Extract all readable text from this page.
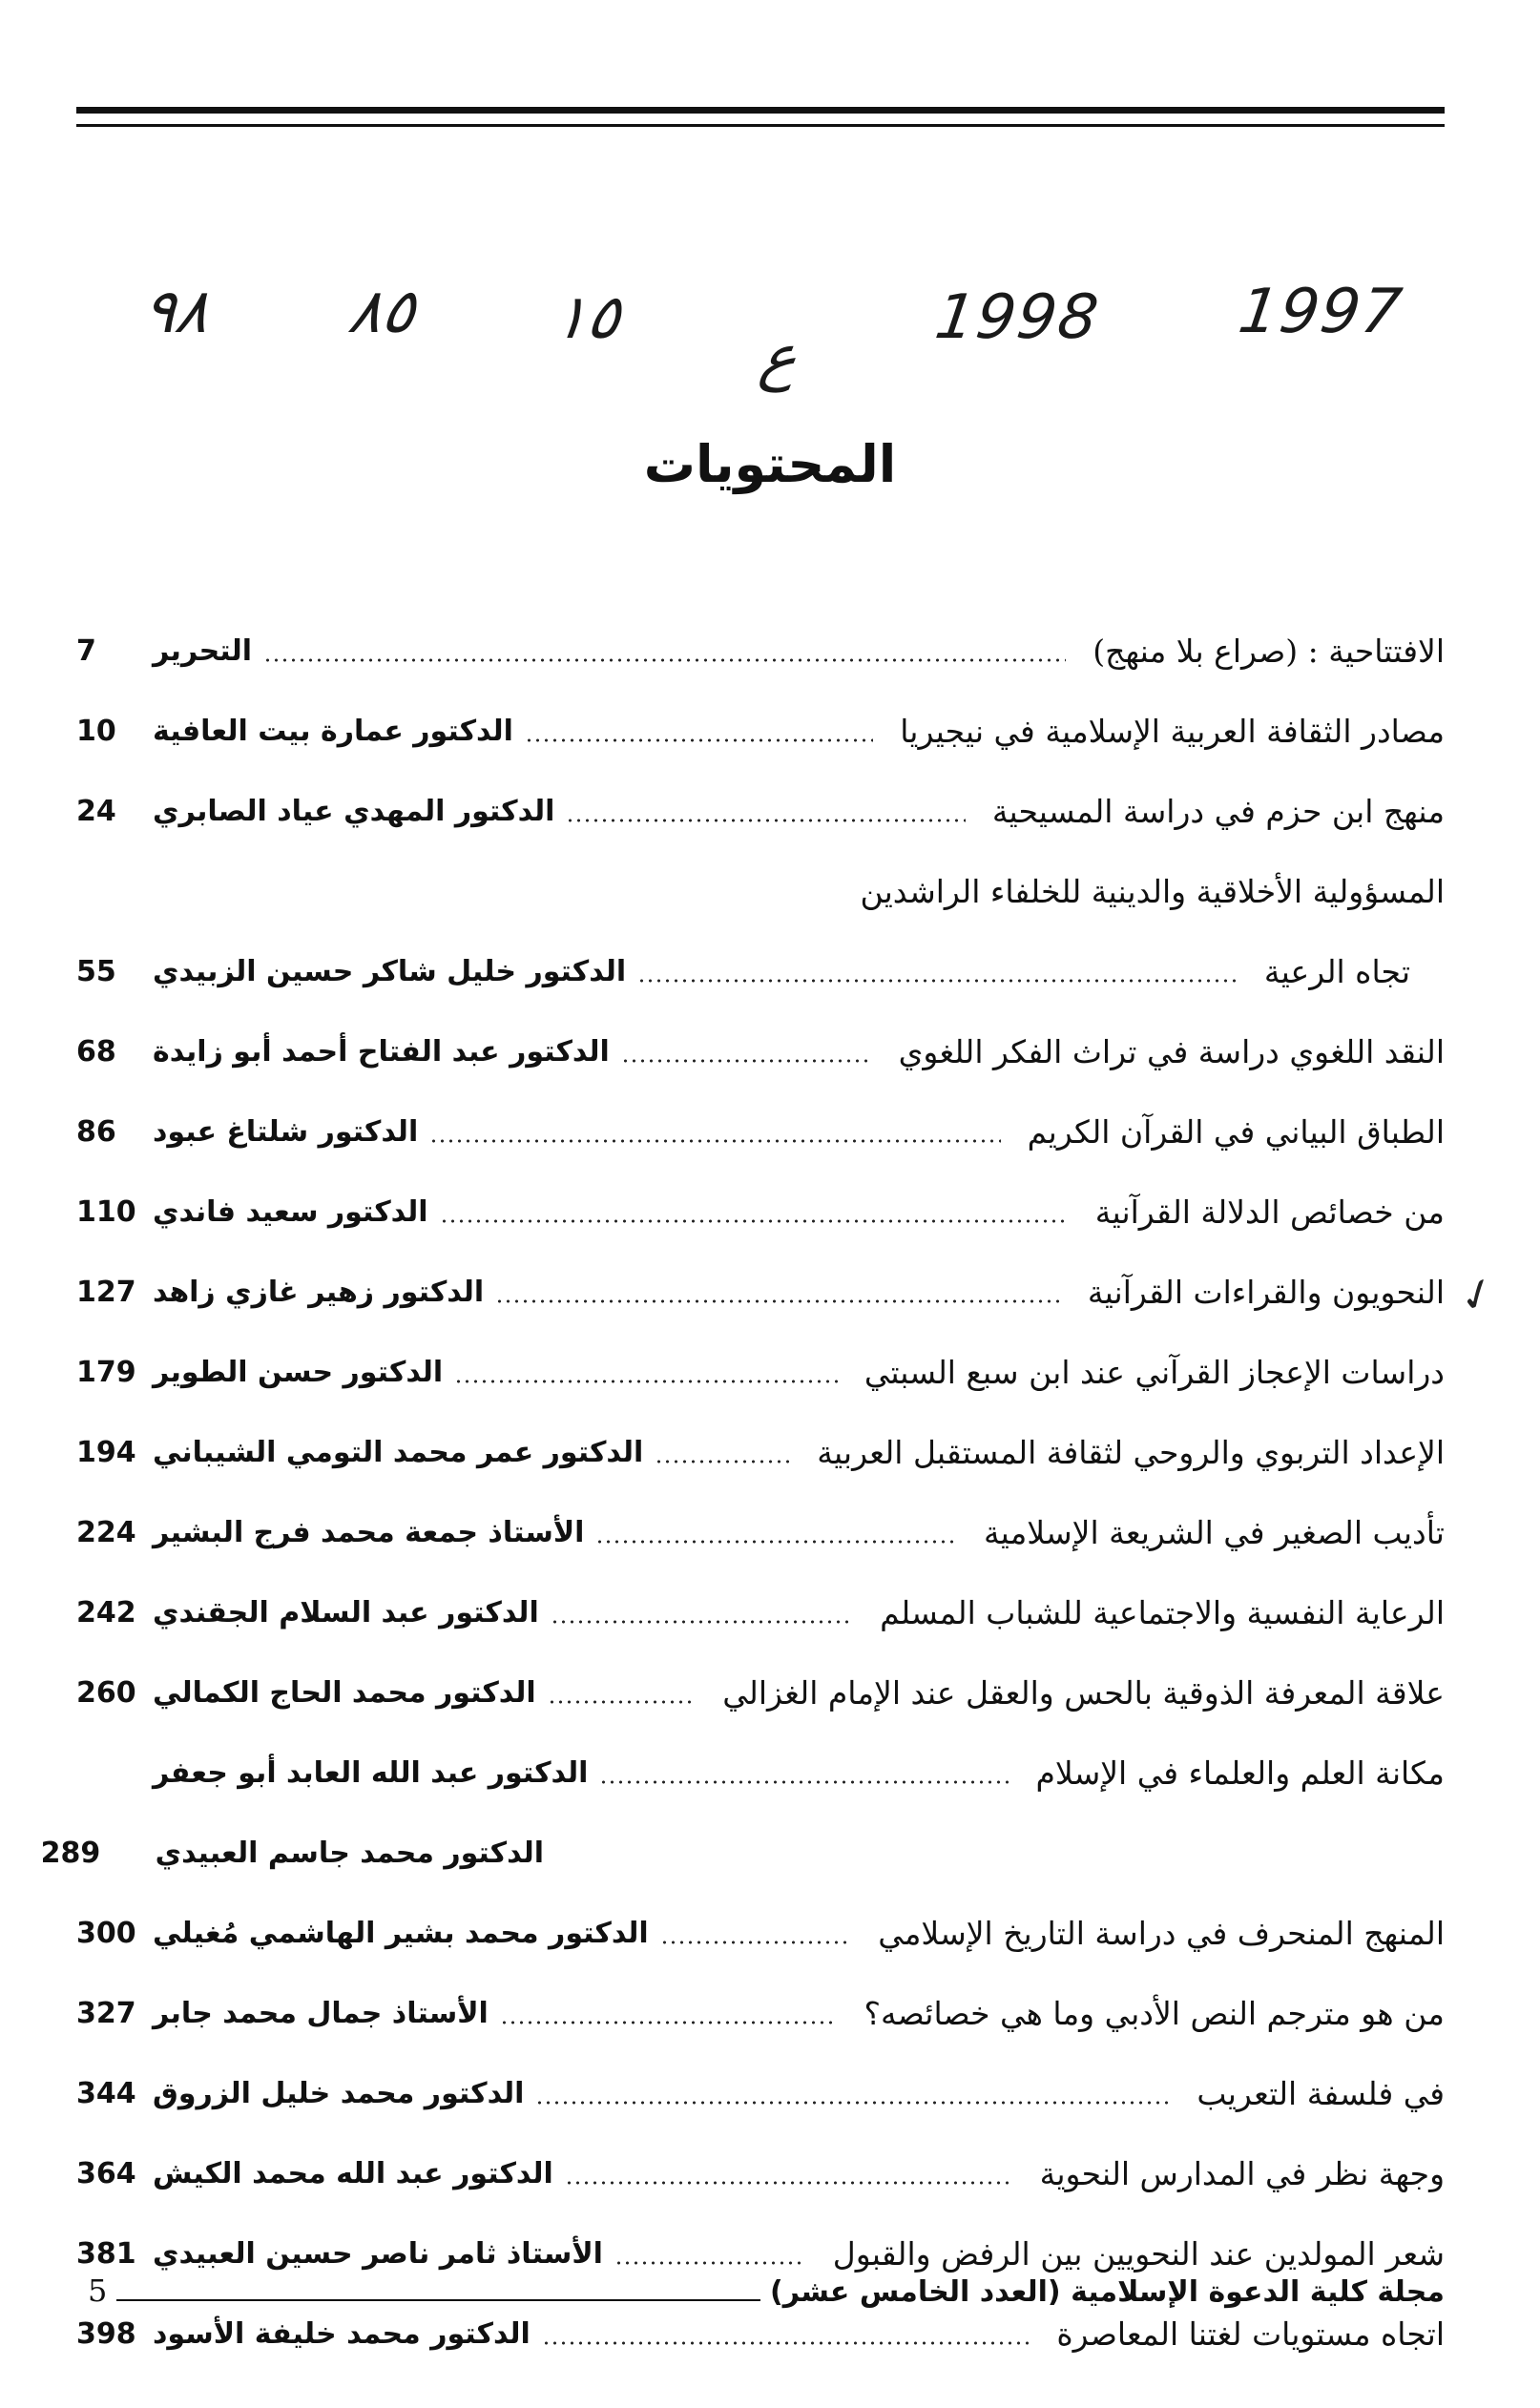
٩٨ ٨٥ ١٥
ع
1998 1997
المحتويات
الافتتاحية : (صراع بلا منهج)
التحرير
7
مصادر الثقافة العربية الإسلامية في نيجيريا
الدكتور عمارة بيت العافية
10
منهج ابن حزم في دراسة المسيحية
الدكتور المهدي عياد الصابري
24
المسؤولية الأخلاقية والدينية للخلفاء الراشدين
تجاه الرعية
الدكتور خليل شاكر حسين الزبيدي
55
النقد اللغوي دراسة في تراث الفكر اللغوي
الدكتور عبد الفتاح أحمد أبو زايدة
68
الطباق البياني في القرآن الكريم
الدكتور شلتاغ عبود
86
من خصائص الدلالة القرآنية
الدكتور سعيد فاندي
110
✓
النحويون والقراءات القرآنية
الدكتور زهير غازي زاهد
127
دراسات الإعجاز القرآني عند ابن سبع السبتي
الدكتور حسن الطوير
179
الإعداد التربوي والروحي لثقافة المستقبل العربية
الدكتور عمر محمد التومي الشيباني
194
تأديب الصغير في الشريعة الإسلامية
الأستاذ جمعة محمد فرج البشير
224
الرعاية النفسية والاجتماعية للشباب المسلم
الدكتور عبد السلام الجقندي
242
علاقة المعرفة الذوقية بالحس والعقل عند الإمام الغزالي
الدكتور محمد الحاج الكمالي
260
مكانة العلم والعلماء في الإسلام
الدكتور عبد الله العابد أبو جعفر
الدكتور محمد جاسم العبيدي
289
المنهج المنحرف في دراسة التاريخ الإسلامي
الدكتور محمد بشير الهاشمي مُغيلي
300
من هو مترجم النص الأدبي وما هي خصائصه؟
الأستاذ جمال محمد جابر
327
في فلسفة التعريب
الدكتور محمد خليل الزروق
344
وجهة نظر في المدارس النحوية
الدكتور عبد الله محمد الكيش
364
شعر المولدين عند النحويين بين الرفض والقبول
الأستاذ ثامر ناصر حسين العبيدي
381
اتجاه مستويات لغتنا المعاصرة
الدكتور محمد خليفة الأسود
398
مجلة كلية الدعوة الإسلامية (العدد الخامس عشر)
5
